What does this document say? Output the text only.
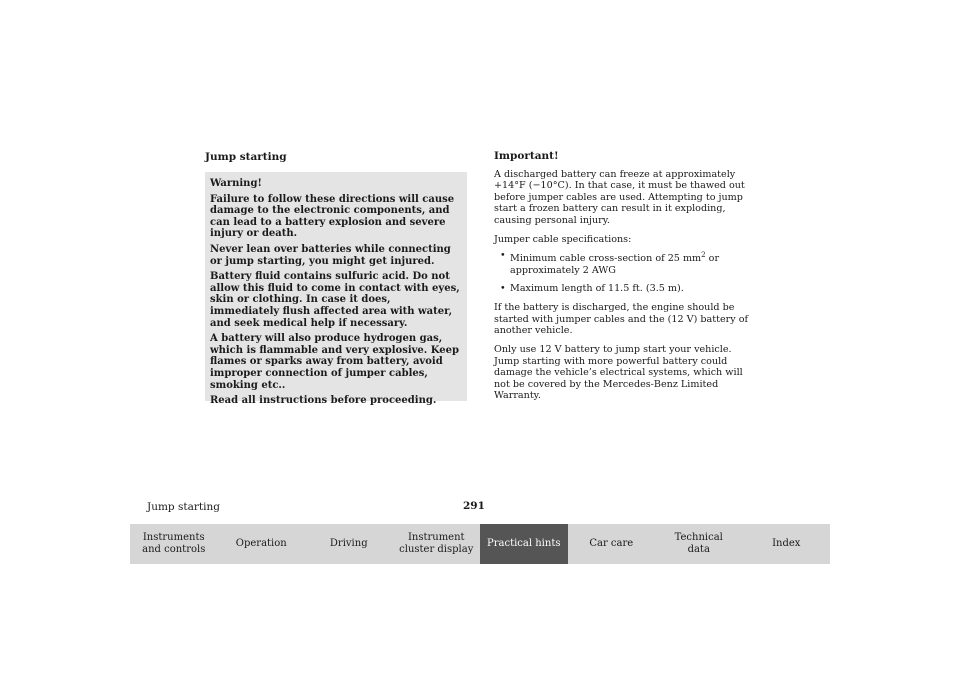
Jump starting
Warning!

Failure to follow these directions will cause damage to the electronic components, and can lead to a battery explosion and severe injury or death.

Never lean over batteries while connecting or jump starting, you might get injured.

Battery fluid contains sulfuric acid. Do not allow this fluid to come in contact with eyes, skin or clothing. In case it does, immediately flush affected area with water, and seek medical help if necessary.

A battery will also produce hydrogen gas, which is flammable and very explosive. Keep flames or sparks away from battery, avoid improper connection of jumper cables, smoking etc..

Read all instructions before proceeding.

Important!

A discharged battery can freeze at approximately +14°F (−10°C). In that case, it must be thawed out before jumper cables are used. Attempting to jump start a frozen battery can result in it exploding, causing personal injury.

Jumper cable specifications:

• Minimum cable cross-section of 25 $mm^2$ or approximately 2 AWG
• Maximum length of 11.5 ft. (3.5 m).

If the battery is discharged, the engine should be started with jumper cables and the (12 V) battery of another vehicle.

Only use 12 V battery to jump start your vehicle. Jump starting with more powerful battery could damage the vehicle’s electrical systems, which will not be covered by the Mercedes-Benz Limited Warranty.

Jump starting	291
Instruments
and controls
Operation	Driving
Instrument
cluster display
Practical hints	Car care
Technical
data
Index
